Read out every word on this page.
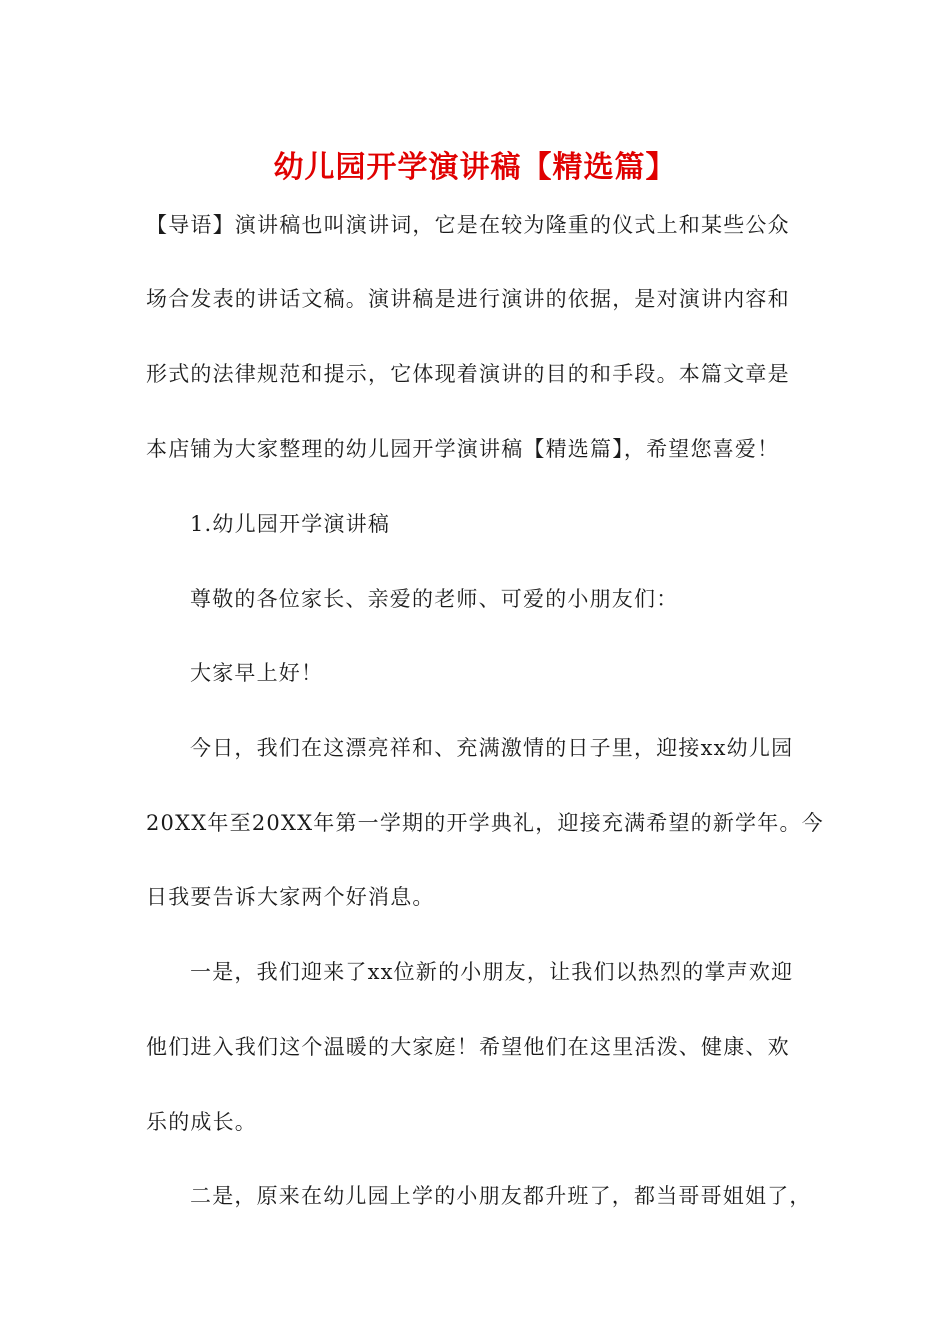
幼儿园开学演讲稿【精选篇】
【导语】演讲稿也叫演讲词，它是在较为隆重的仪式上和某些公众
场合发表的讲话文稿。演讲稿是进行演讲的依据，是对演讲内容和
形式的法律规范和提示，它体现着演讲的目的和手段。本篇文章是
本店铺为大家整理的幼儿园开学演讲稿【精选篇】，希望您喜爱！
1.幼儿园开学演讲稿
尊敬的各位家长、亲爱的老师、可爱的小朋友们：
大家早上好！
今日，我们在这漂亮祥和、充满激情的日子里，迎接xx幼儿园
20XX年至20XX年第一学期的开学典礼，迎接充满希望的新学年。今
日我要告诉大家两个好消息。
一是，我们迎来了xx位新的小朋友，让我们以热烈的掌声欢迎
他们进入我们这个温暖的大家庭！希望他们在这里活泼、健康、欢
乐的成长。
二是，原来在幼儿园上学的小朋友都升班了，都当哥哥姐姐了，
